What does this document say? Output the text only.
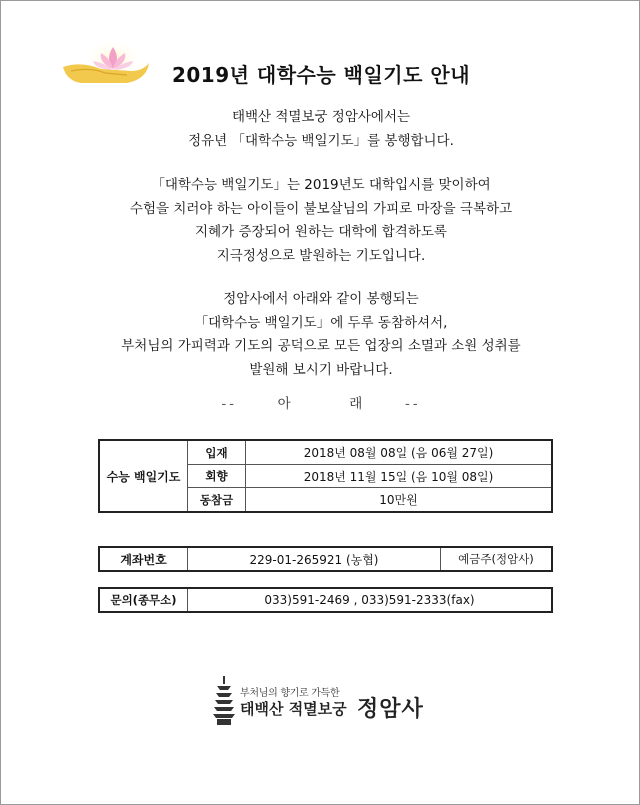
2019년 대학수능 백일기도 안내
태백산 적멸보궁 정암사에서는
정유년 「대학수능 백일기도」를 봉행합니다.
「대학수능 백일기도」는 2019년도 대학입시를 맞이하여
수험을 치러야 하는 아이들이 불보살님의 가피로 마장을 극복하고
지혜가 증장되어 원하는 대학에 합격하도록
지극정성으로 발원하는 기도입니다.
정암사에서 아래와 같이 봉행되는
「대학수능 백일기도」에 두루 동참하셔서,
부처님의 가피력과 기도의 공덕으로 모든 업장의 소멸과 소원 성취를
발원해 보시기 바랍니다.
--	아	래	--
수능 백일기도
입재	2018년 08월 08일 (음 06월 27일)
회향	2018년 11월 15일 (음 10월 08일)
동참금	10만원
계좌번호	229-01-265921 (농협)	예금주(정암사)
문의(종무소)	033)591-2469 , 033)591-2333(fax)
부처님의 향기로 가득한
태백산 적멸보궁 정암사
